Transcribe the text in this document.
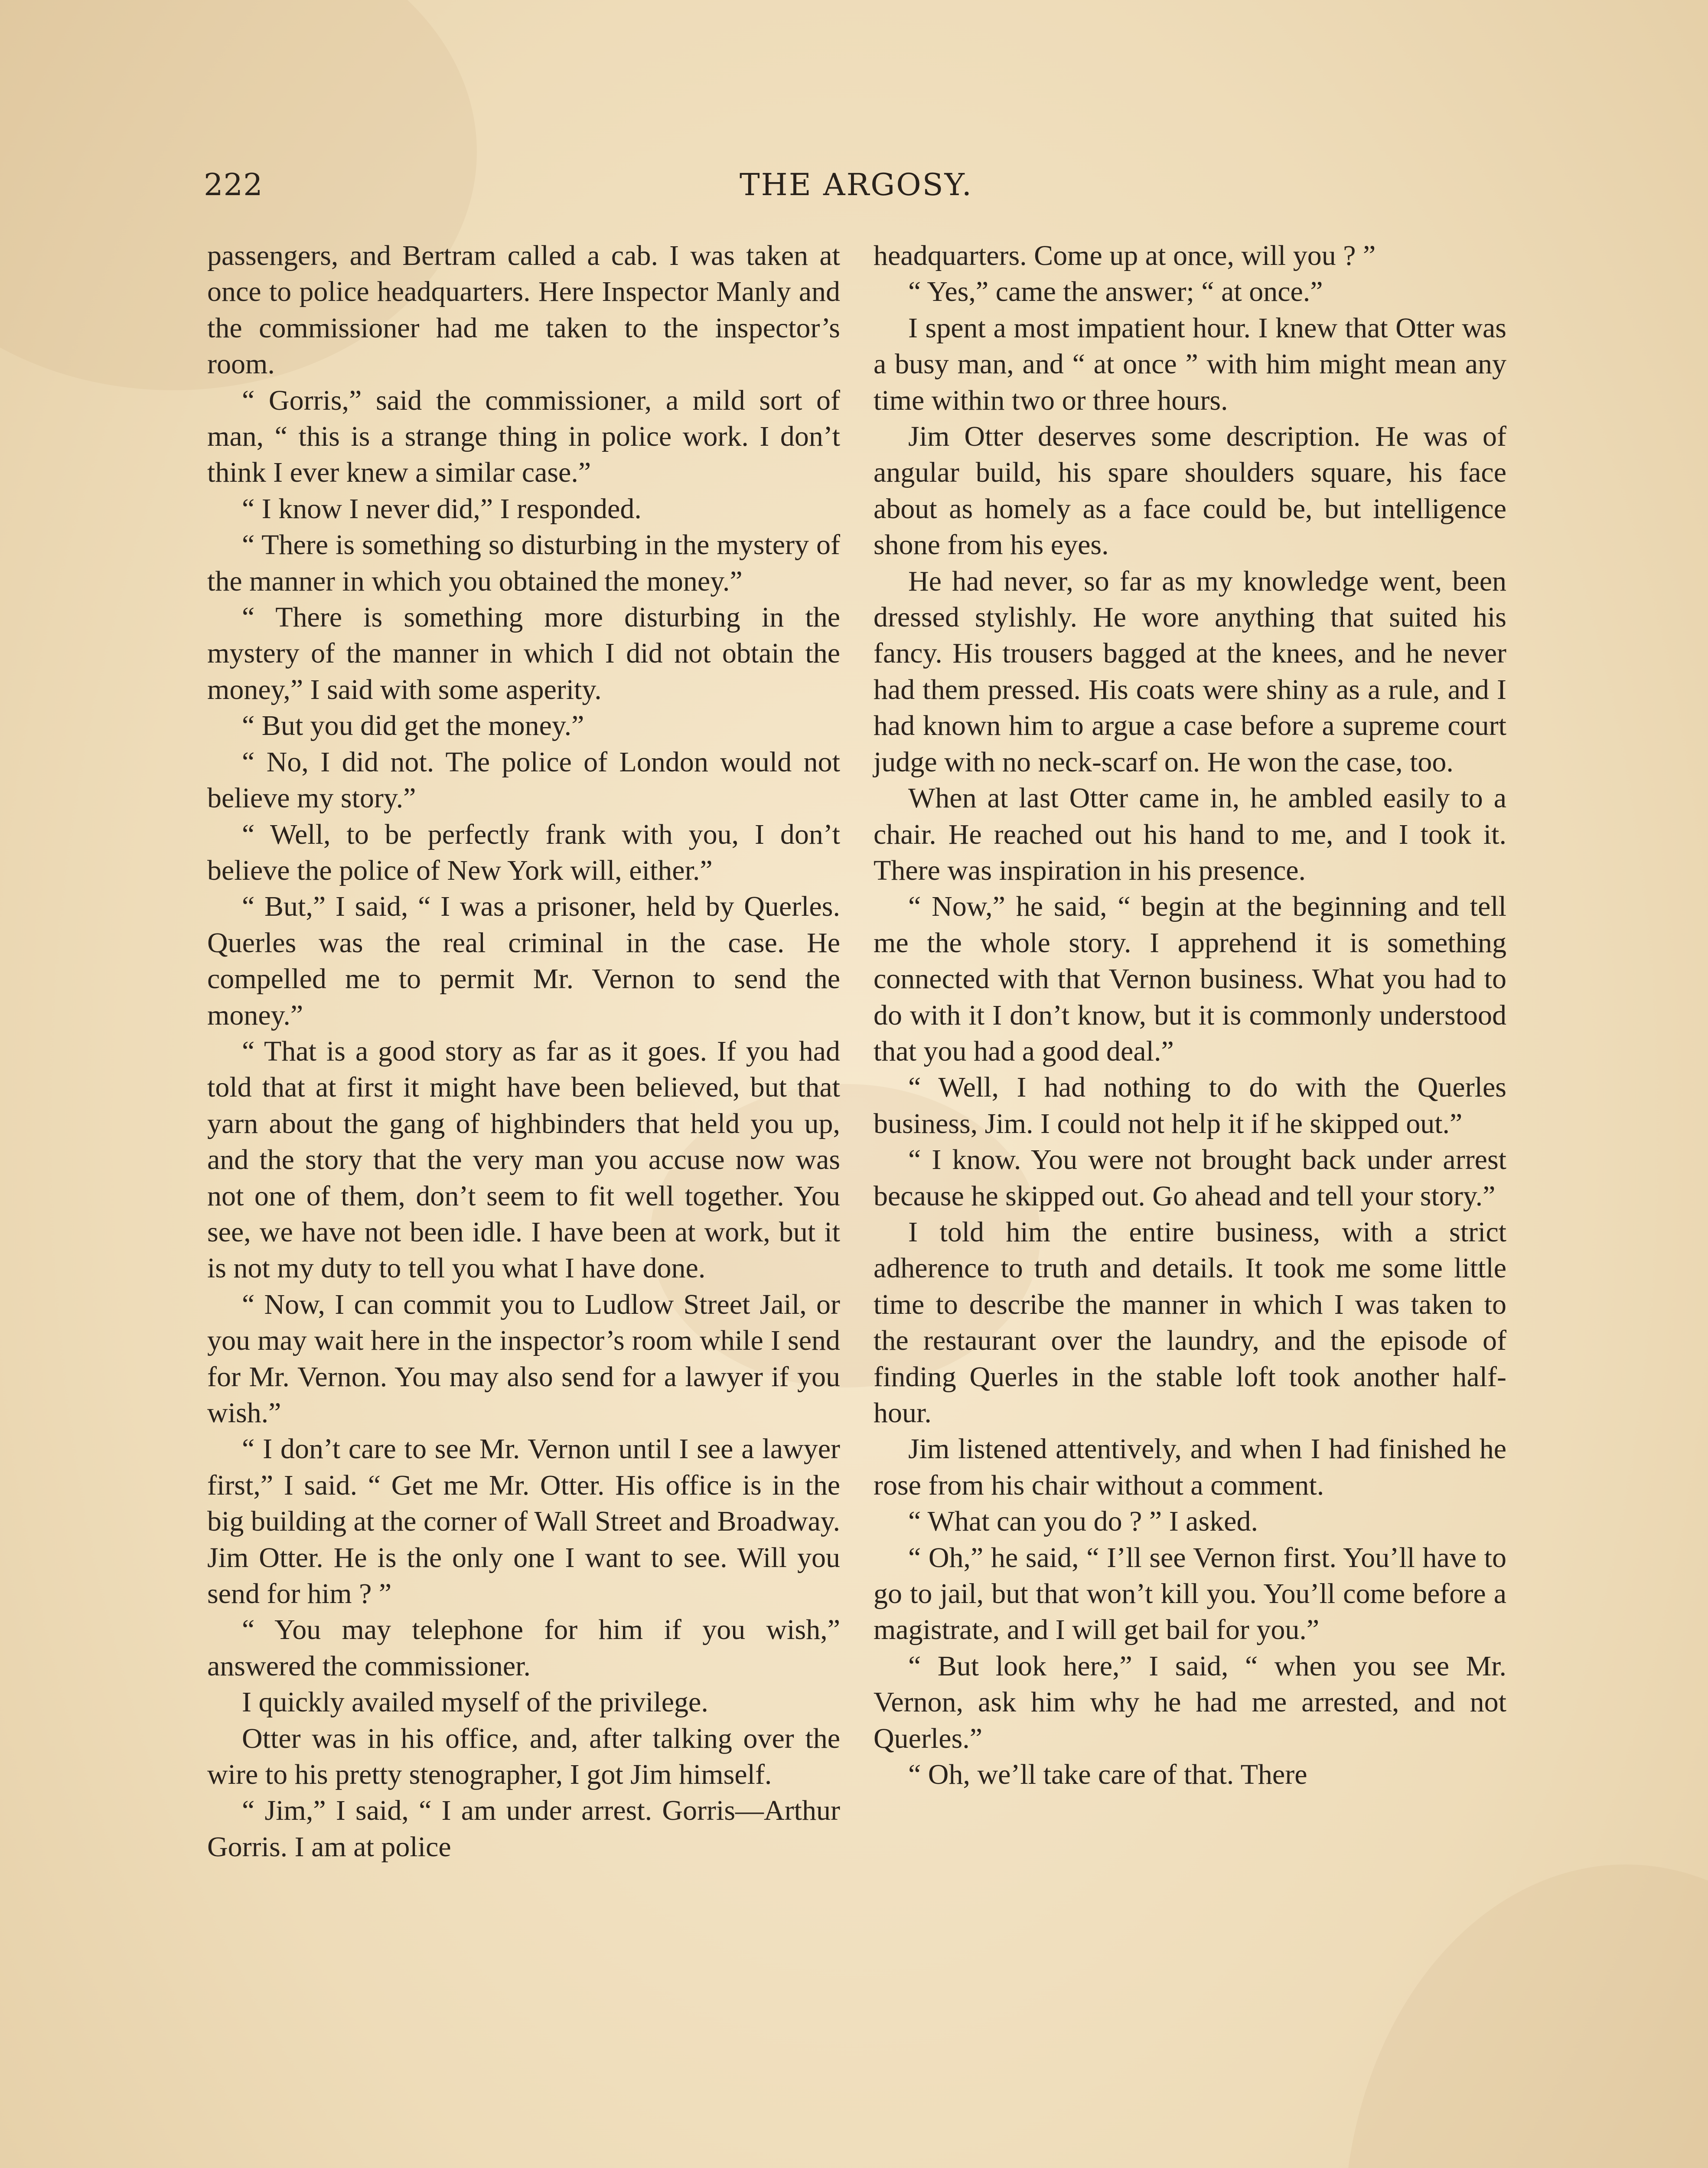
222	THE ARGOSY.

passengers, and Bertram called a cab. I was taken at once to police headquarters. Here Inspector Manly and the commissioner had me taken to the inspector’s room.

“ Gorris,” said the commissioner, a mild sort of man, “ this is a strange thing in police work. I don’t think I ever knew a similar case.”

“ I know I never did,” I responded.

“ There is something so disturbing in the mystery of the manner in which you obtained the money.”

“ There is something more disturbing in the mystery of the manner in which I did not obtain the money,” I said with some asperity.

“ But you did get the money.”

“ No, I did not. The police of London would not believe my story.”

“ Well, to be perfectly frank with you, I don’t believe the police of New York will, either.”

“ But,” I said, “ I was a prisoner, held by Querles. Querles was the real criminal in the case. He compelled me to permit Mr. Vernon to send the money.”

“ That is a good story as far as it goes. If you had told that at first it might have been believed, but that yarn about the gang of highbinders that held you up, and the story that the very man you accuse now was not one of them, don’t seem to fit well together. You see, we have not been idle. I have been at work, but it is not my duty to tell you what I have done.

“ Now, I can commit you to Ludlow Street Jail, or you may wait here in the inspector’s room while I send for Mr. Vernon. You may also send for a lawyer if you wish.”

“ I don’t care to see Mr. Vernon until I see a lawyer first,” I said. “ Get me Mr. Otter. His office is in the big building at the corner of Wall Street and Broadway. Jim Otter. He is the only one I want to see. Will you send for him ? ”

“ You may telephone for him if you wish,” answered the commissioner.

I quickly availed myself of the privilege.

Otter was in his office, and, after talking over the wire to his pretty stenographer, I got Jim himself.

“ Jim,” I said, “ I am under arrest. Gorris—Arthur Gorris. I am at police

headquarters. Come up at once, will you ? ”

“ Yes,” came the answer; “ at once.”

I spent a most impatient hour. I knew that Otter was a busy man, and “ at once ” with him might mean any time within two or three hours.

Jim Otter deserves some description. He was of angular build, his spare shoulders square, his face about as homely as a face could be, but intelligence shone from his eyes.

He had never, so far as my knowledge went, been dressed stylishly. He wore anything that suited his fancy. His trousers bagged at the knees, and he never had them pressed. His coats were shiny as a rule, and I had known him to argue a case before a supreme court judge with no neck-scarf on. He won the case, too.

When at last Otter came in, he ambled easily to a chair. He reached out his hand to me, and I took it. There was inspiration in his presence.

“ Now,” he said, “ begin at the beginning and tell me the whole story. I apprehend it is something connected with that Vernon business. What you had to do with it I don’t know, but it is commonly understood that you had a good deal.”

“ Well, I had nothing to do with the Querles business, Jim. I could not help it if he skipped out.”

“ I know. You were not brought back under arrest because he skipped out. Go ahead and tell your story.”

I told him the entire business, with a strict adherence to truth and details. It took me some little time to describe the manner in which I was taken to the restaurant over the laundry, and the episode of finding Querles in the stable loft took another half-hour.

Jim listened attentively, and when I had finished he rose from his chair without a comment.

“ What can you do ? ” I asked.

“ Oh,” he said, “ I’ll see Vernon first. You’ll have to go to jail, but that won’t kill you. You’ll come before a magistrate, and I will get bail for you.”

“ But look here,” I said, “ when you see Mr. Vernon, ask him why he had me arrested, and not Querles.”

“ Oh, we’ll take care of that. There
